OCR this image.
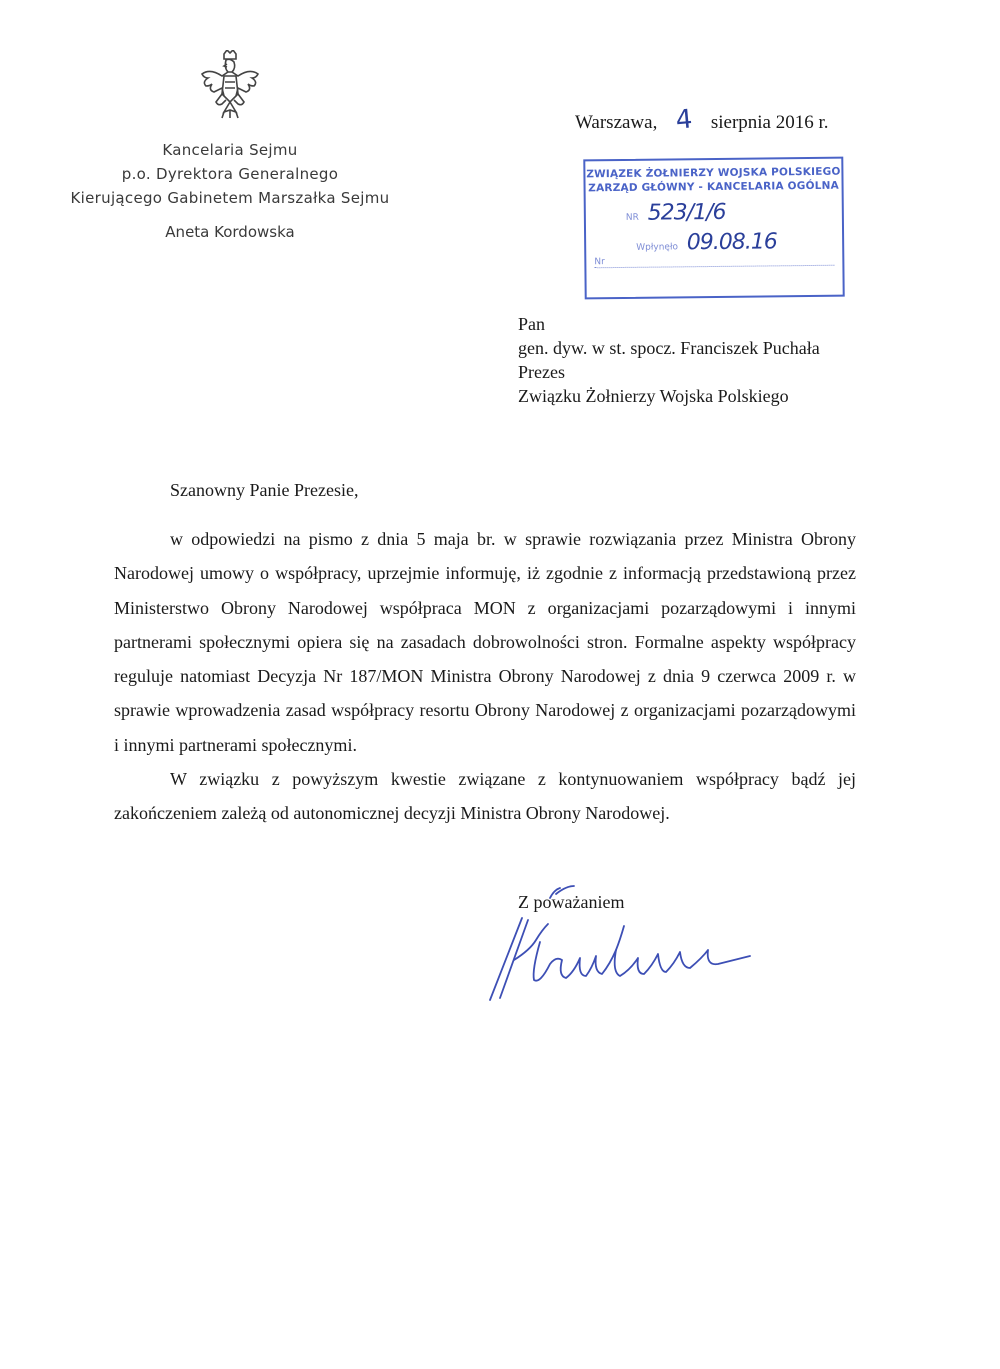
Kancelaria Sejmu
p.o. Dyrektora Generalnego
Kierującego Gabinetem Marszałka Sejmu
Aneta Kordowska
Warszawa, 4 sierpnia 2016 r.
ZWIĄZEK ŻOŁNIERZY WOJSKA POLSKIEGO
ZARZĄD GŁÓWNY - KANCELARIA OGÓLNA
NR 523/1/6
Wpłynęło 09.08.16
Nr
Pan
gen. dyw. w st. spocz. Franciszek Puchała
Prezes
Związku Żołnierzy Wojska Polskiego
Szanowny Panie Prezesie,

w odpowiedzi na pismo z dnia 5 maja br. w sprawie rozwiązania przez Ministra Obrony Narodowej umowy o współpracy, uprzejmie informuję, iż zgodnie z informacją przedstawioną przez Ministerstwo Obrony Narodowej współpraca MON z organizacjami pozarządowymi i innymi partnerami społecznymi opiera się na zasadach dobrowolności stron. Formalne aspekty współpracy reguluje natomiast Decyzja Nr 187/MON Ministra Obrony Narodowej z dnia 9 czerwca 2009 r. w sprawie wprowadzenia zasad współpracy resortu Obrony Narodowej z organizacjami pozarządowymi i innymi partnerami społecznymi.

W związku z powyższym kwestie związane z kontynuowaniem współpracy bądź jej zakończeniem zależą od autonomicznej decyzji Ministra Obrony Narodowej.

Z poważaniem
